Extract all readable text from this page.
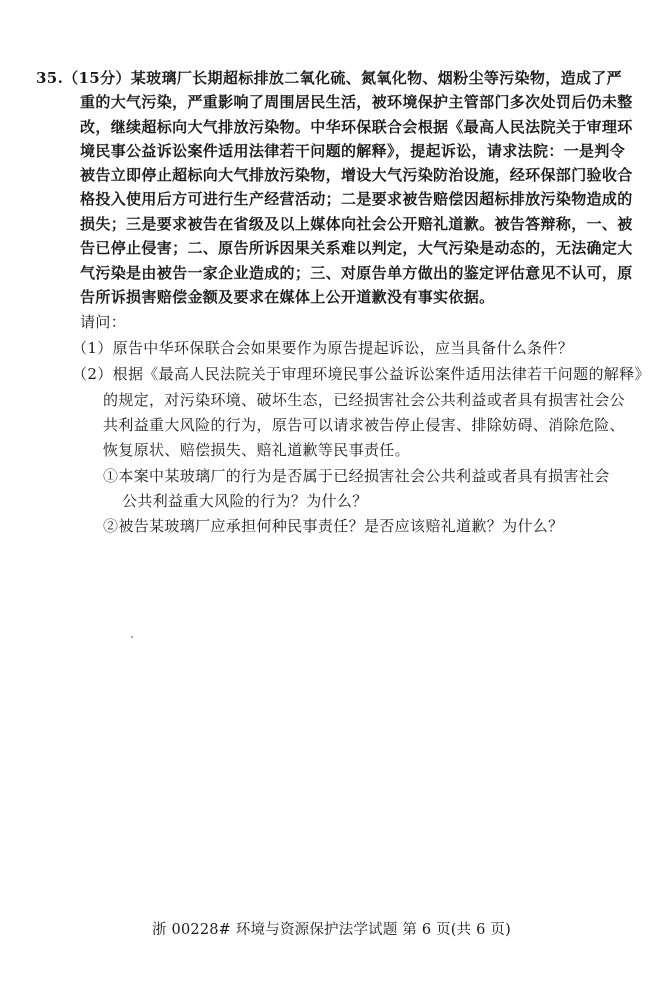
35.（15分）某玻璃厂长期超标排放二氧化硫、氮氧化物、烟粉尘等污染物，造成了严
重的大气污染，严重影响了周围居民生活，被环境保护主管部门多次处罚后仍未整
改，继续超标向大气排放污染物。中华环保联合会根据《最高人民法院关于审理环
境民事公益诉讼案件适用法律若干问题的解释》，提起诉讼，请求法院：一是判令
被告立即停止超标向大气排放污染物，增设大气污染防治设施，经环保部门验收合
格投入使用后方可进行生产经营活动；二是要求被告赔偿因超标排放污染物造成的
损失；三是要求被告在省级及以上媒体向社会公开赔礼道歉。被告答辩称，一、被
告已停止侵害；二、原告所诉因果关系难以判定，大气污染是动态的，无法确定大
气污染是由被告一家企业造成的；三、对原告单方做出的鉴定评估意见不认可，原
告所诉损害赔偿金额及要求在媒体上公开道歉没有事实依据。
请问：
（1）原告中华环保联合会如果要作为原告提起诉讼，应当具备什么条件？
（2）根据《最高人民法院关于审理环境民事公益诉讼案件适用法律若干问题的解释》
的规定，对污染环境、破坏生态，已经损害社会公共利益或者具有损害社会公
共利益重大风险的行为，原告可以请求被告停止侵害、排除妨碍、消除危险、
恢复原状、赔偿损失、赔礼道歉等民事责任。
①本案中某玻璃厂的行为是否属于已经损害社会公共利益或者具有损害社会
公共利益重大风险的行为？为什么？
②被告某玻璃厂应承担何种民事责任？是否应该赔礼道歉？为什么？
浙 00228# 环境与资源保护法学试题 第 6 页(共 6 页)
